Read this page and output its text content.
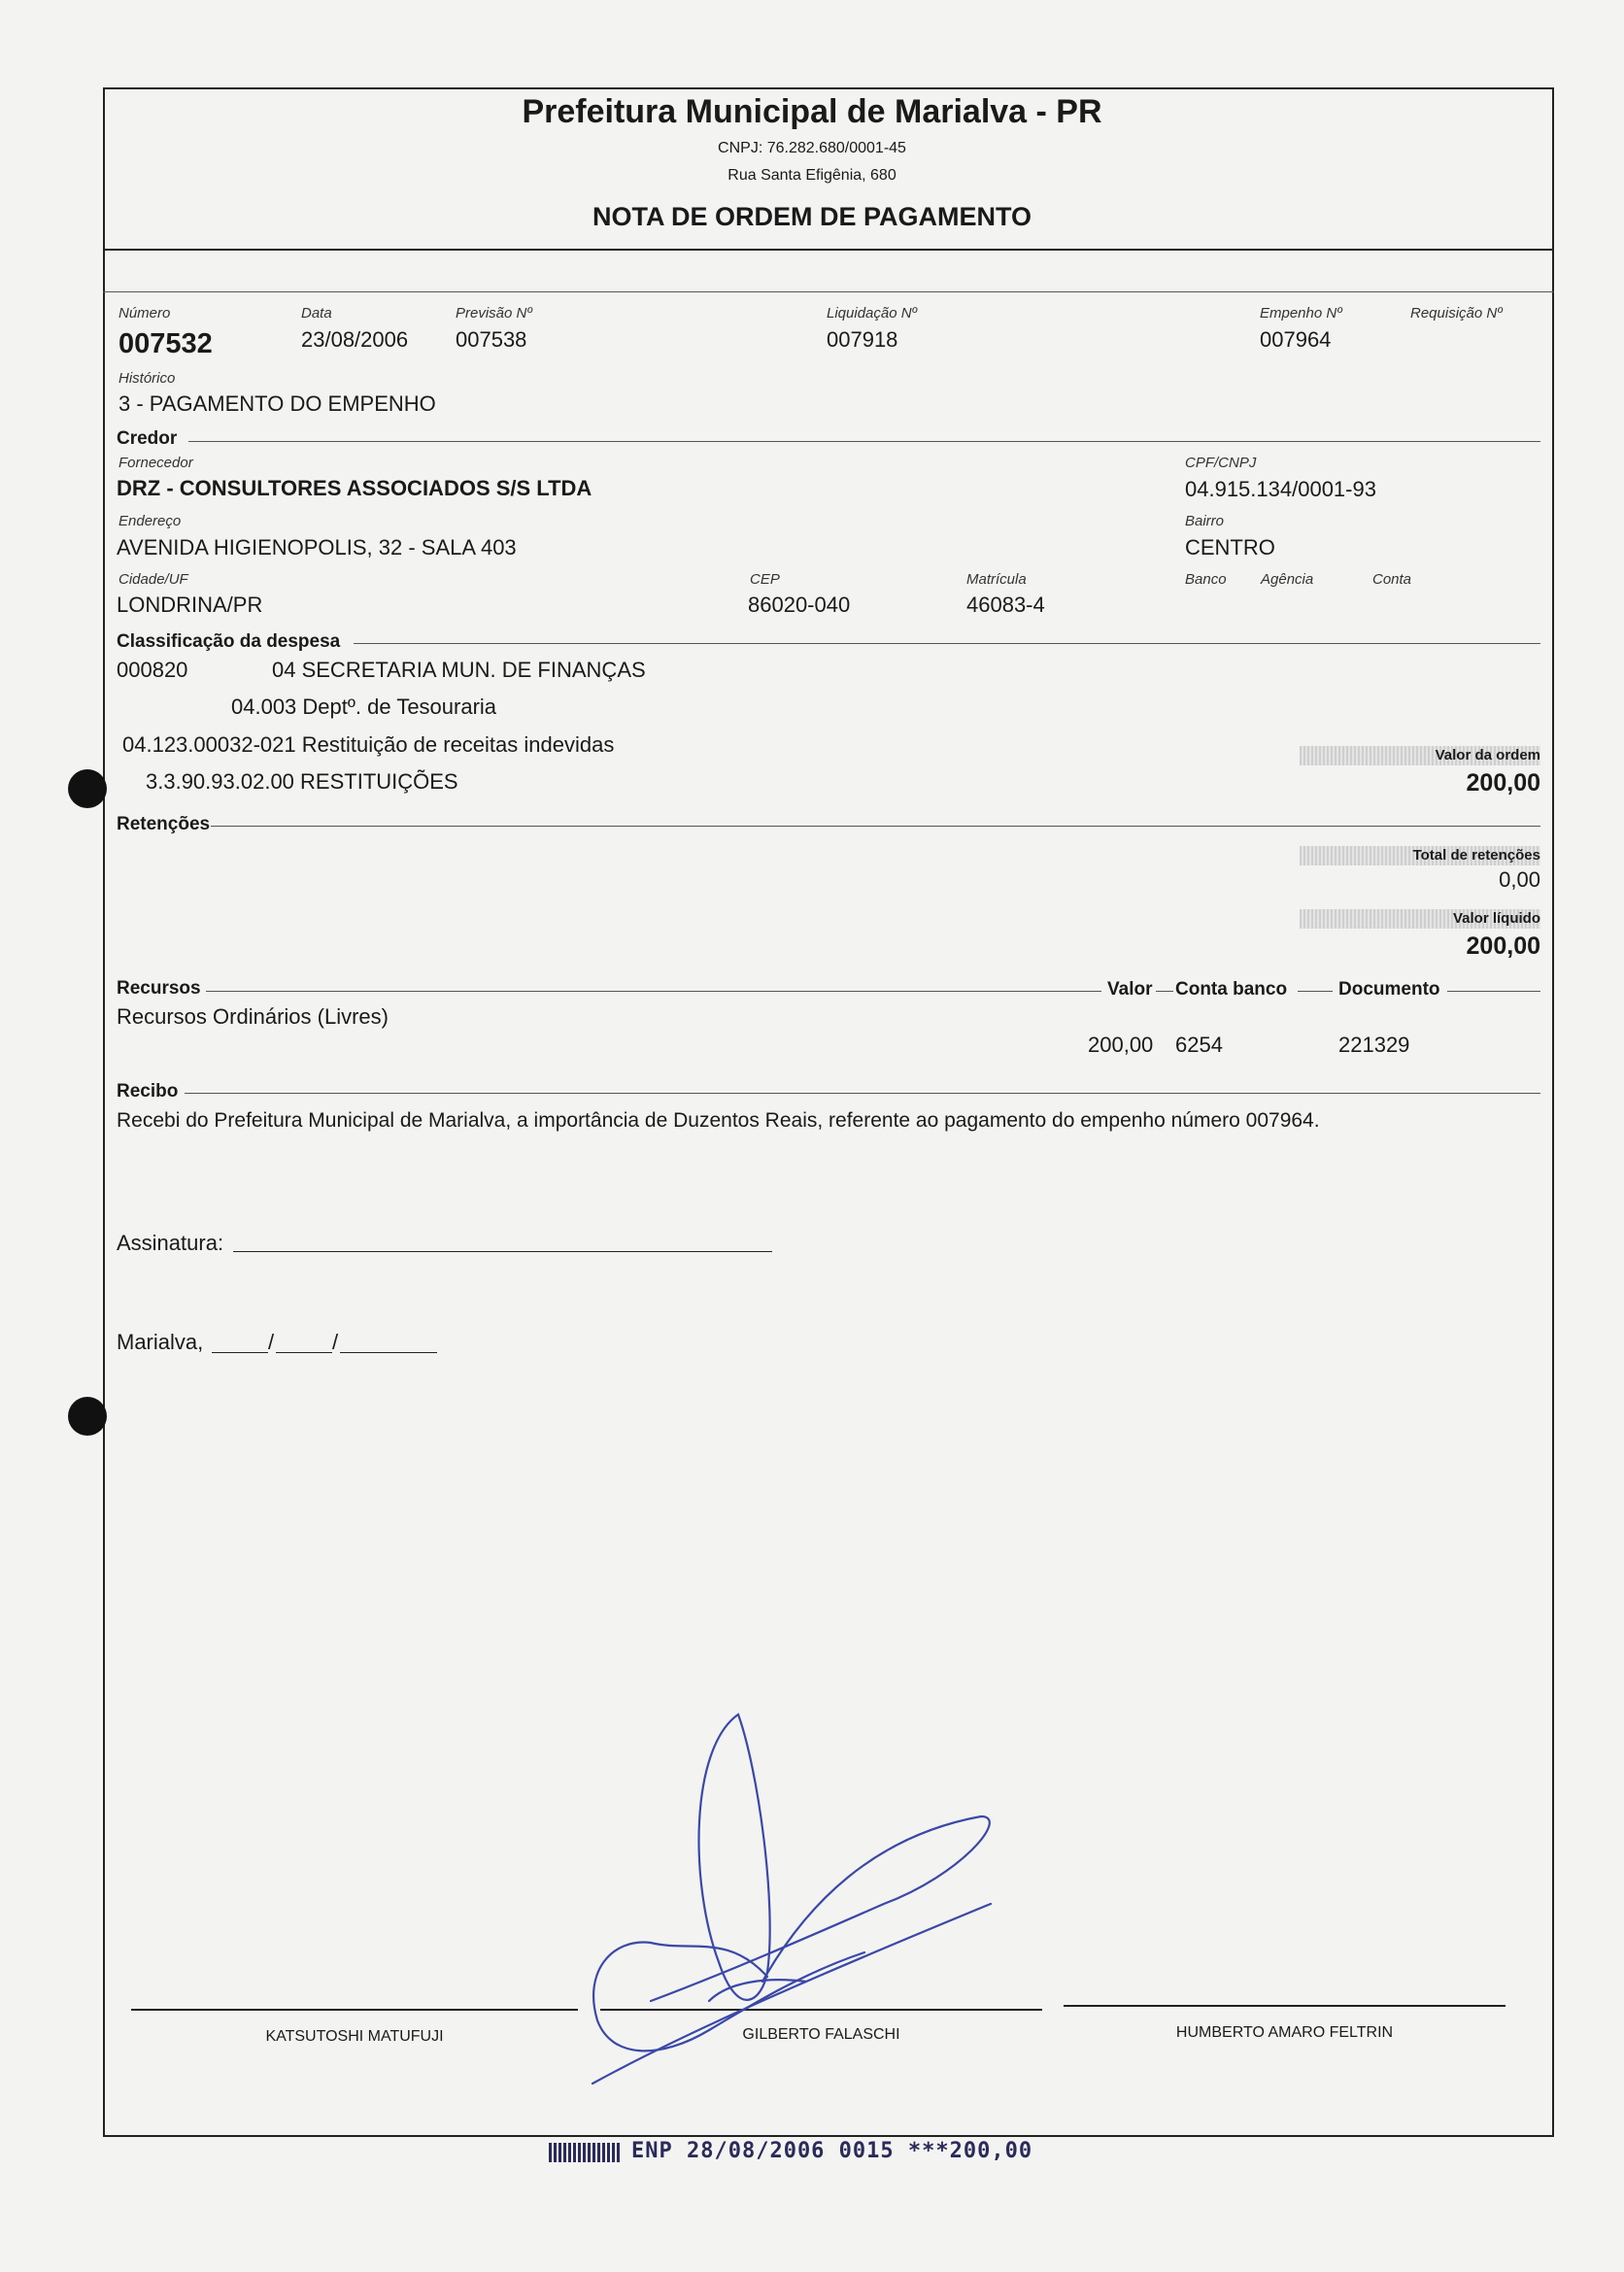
Prefeitura Municipal de Marialva - PR
CNPJ: 76.282.680/0001-45
Rua Santa Efigênia, 680
NOTA DE ORDEM DE PAGAMENTO
Número
007532
Data
23/08/2006
Previsão Nº
007538
Liquidação Nº
007918
Empenho Nº
007964
Requisição Nº
Histórico
3 - PAGAMENTO DO EMPENHO
Credor
Fornecedor
DRZ - CONSULTORES ASSOCIADOS S/S LTDA
CPF/CNPJ
04.915.134/0001-93
Endereço
AVENIDA HIGIENOPOLIS, 32 - SALA 403
Bairro
CENTRO
Cidade/UF
LONDRINA/PR
CEP
86020-040
Matrícula
46083-4
Banco Agência	Conta
Classificação da despesa
000820	04 SECRETARIA MUN. DE FINANÇAS
04.003 Deptº. de Tesouraria
04.123.00032-021 Restituição de receitas indevidas
3.3.90.93.02.00 RESTITUIÇÕES
Valor da ordem
200,00
Retenções
Total de retenções
0,00
Valor líquido
200,00
Recursos	Valor Conta banco	Documento
Recursos Ordinários (Livres)
200,00 6254	221329
Recibo
Recebi do Prefeitura Municipal de Marialva, a importância de Duzentos Reais, referente ao pagamento do empenho número 007964.
Assinatura:
Marialva,	/	/
KATSUTOSHI MATUFUJI	GILBERTO FALASCHI	HUMBERTO AMARO FELTRIN
ENP 28/08/2006 0015 ***200,00
